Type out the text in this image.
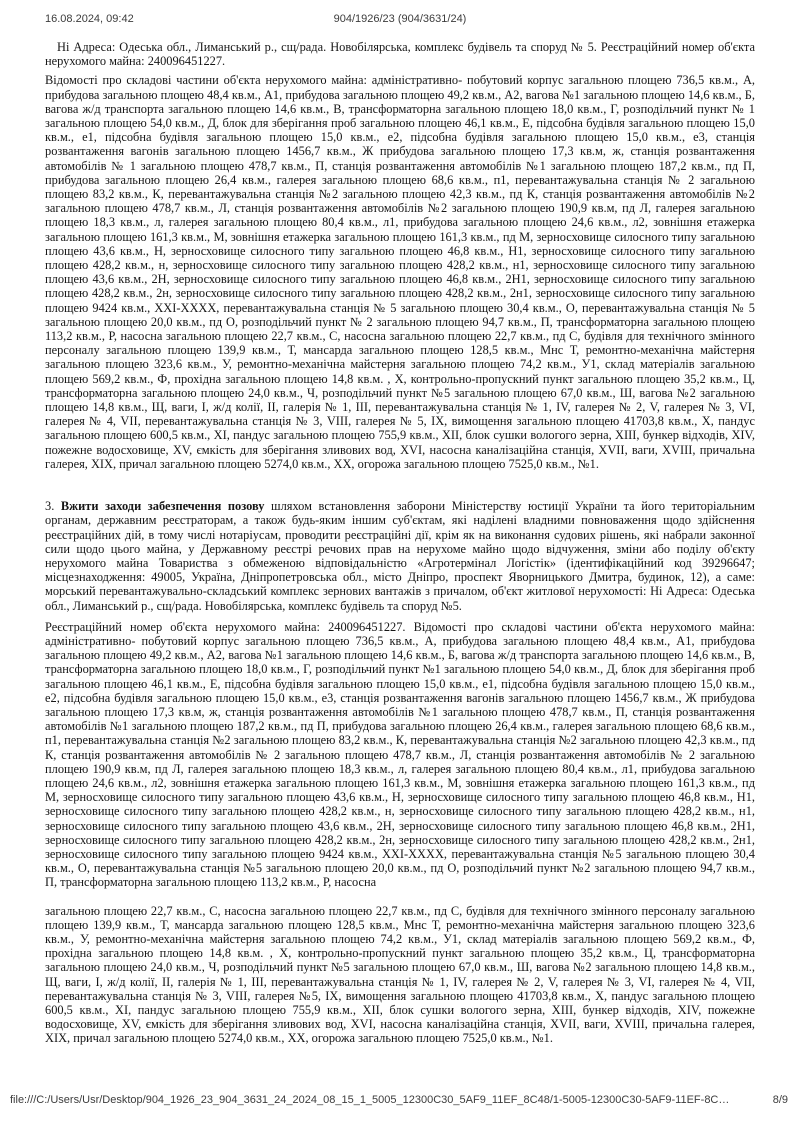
16.08.2024, 09:42	904/1926/23 (904/3631/24)

Ні Адреса: Одеська обл., Лиманський р., сщ/рада. Новобілярська, комплекс будівель та споруд № 5. Реєстраційний номер об'єкта нерухомого майна: 240096451227.

Відомості про складові частини об'єкта нерухомого майна: адміністративно- побутовий корпус загальною площею 736,5 кв.м., А, прибудова загальною площею 48,4 кв.м., А1, прибудова загальною площею 49,2 кв.м., А2, вагова №1 загальною площею 14,6 кв.м., Б, вагова ж/д транспорта загальною площею 14,6 кв.м., В, трансформаторна загальною площею 18,0 кв.м., Г, розподільчий пункт № 1 загальною площею 54,0 кв.м., Д, блок для зберігання проб загальною площею 46,1 кв.м., Е, підсобна будівля загальною площею 15,0 кв.м., е1, підсобна будівля загальною площею 15,0 кв.м., е2, підсобна будівля загальною площею 15,0 кв.м., е3, станція розвантаження вагонів загальною площею 1456,7 кв.м., Ж прибудова загальною площею 17,3 кв.м, ж, станція розвантаження автомобілів № 1 загальною площею 478,7 кв.м., П, станція розвантаження автомобілів №1 загальною площею 187,2 кв.м., пд П, прибудова загальною площею 26,4 кв.м., галерея загальною площею 68,6 кв.м., п1, перевантажувальна станція № 2 загальною площею 83,2 кв.м., К, перевантажувальна станція №2 загальною площею 42,3 кв.м., пд К, станція розвантаження автомобілів №2 загальною площею 478,7 кв.м., Л, станція розвантаження автомобілів №2 загальною площею 190,9 кв.м, пд Л, галерея загальною площею 18,3 кв.м., л, галерея загальною площею 80,4 кв.м., л1, прибудова загальною площею 24,6 кв.м., л2, зовнішня етажерка загальною площею 161,3 кв.м., М, зовнішня етажерка загальною площею 161,3 кв.м., пд М, зерносховище силосного типу загальною площею 43,6 кв.м., Н, зерносховище силосного типу загальною площею 46,8 кв.м., Н1, зерносховище силосного типу загальною площею 428,2 кв.м., н, зерносховище силосного типу загальною площею 428,2 кв.м., н1, зерносховище силосного типу загальною площею 43,6 кв.м., 2Н, зерносховище силосного типу загальною площею 46,8 кв.м., 2Н1, зерносховище силосного типу загальною площею 428,2 кв.м., 2н, зерносховище силосного типу загальною площею 428,2 кв.м., 2н1, зерносховище силосного типу загальною площею 9424 кв.м., XXI-XXXX, перевантажувальна станція № 5 загальною площею 30,4 кв.м., О, перевантажувальна станція № 5 загальною площею 20,0 кв.м., пд О, розподільчий пункт № 2 загальною площею 94,7 кв.м., П, трансформаторна загальною площею 113,2 кв.м., Р, насосна загальною площею 22,7 кв.м., С, насосна загальною площею 22,7 кв.м., пд С, будівля для технічного змінного персоналу загальною площею 139,9 кв.м., Т, мансарда загальною площею 128,5 кв.м., Мнс Т, ремонтно-механічна майстерня загальною площею 323,6 кв.м., У, ремонтно-механічна майстерня загальною площею 74,2 кв.м., У1, склад матеріалів загальною площею 569,2 кв.м., Ф, прохідна загальною площею 14,8 кв.м. , Х, контрольно-пропускний пункт загальною площею 35,2 кв.м., Ц, трансформаторна загальною площею 24,0 кв.м., Ч, розподільчий пункт №5 загальною площею 67,0 кв.м., Ш, вагова №2 загальною площею 14,8 кв.м., Щ, ваги, І, ж/д колії, ІІ, галерія № 1, ІІІ, перевантажувальна станція № 1, IV, галерея № 2, V, галерея № 3, VI, галерея № 4, VII, перевантажувальна станція № 3, VIII, галерея № 5, IX, вимощення загальною площею 41703,8 кв.м., X, пандус загальною площею 600,5 кв.м., XI, пандус загальною площею 755,9 кв.м., XII, блок сушки вологого зерна, XIII, бункер відходів, XIV, пожежне водосховище, XV, ємкість для зберігання зливових вод, XVI, насосна каналізаційна станція, XVII, ваги, XVIII, причальна галерея, XIX, причал загальною площею 5274,0 кв.м., XX, огорожа загальною площею 7525,0 кв.м., №1.

3. Вжити заходи забезпечення позову шляхом встановлення заборони Міністерству юстиції України та його територіальним органам, державним реєстраторам, а також будь-яким іншим суб'єктам, які наділені владними повноваження щодо здійснення реєстраційних дій, в тому числі нотаріусам, проводити реєстраційні дії, крім як на виконання судових рішень, які набрали законної сили щодо цього майна, у Державному реєстрі речових прав на нерухоме майно щодо відчуження, зміни або поділу об'єкту нерухомого майна Товариства з обмеженою відповідальністю «Агротермінал Логістік» (ідентифікаційний код 39296647; місцезнаходження: 49005, Україна, Дніпропетровська обл., місто Дніпро, проспект Яворницького Дмитра, будинок, 12), а саме: морський перевантажувально-складський комплекс зернових вантажів з причалом, об'єкт житлової нерухомості: Ні Адреса: Одеська обл., Лиманський р., сщ/рада. Новобілярська, комплекс будівель та споруд №5.

Реєстраційний номер об'єкта нерухомого майна: 240096451227. Відомості про складові частини об'єкта нерухомого майна: адміністративно- побутовий корпус загальною площею 736,5 кв.м., А, прибудова загальною площею 48,4 кв.м., А1, прибудова загальною площею 49,2 кв.м., А2, вагова №1 загальною площею 14,6 кв.м., Б, вагова ж/д транспорта загальною площею 14,6 кв.м., В, трансформаторна загальною площею 18,0 кв.м., Г, розподільчий пункт №1 загальною площею 54,0 кв.м., Д, блок для зберігання проб загальною площею 46,1 кв.м., Е, підсобна будівля загальною площею 15,0 кв.м., е1, підсобна будівля загальною площею 15,0 кв.м., е2, підсобна будівля загальною площею 15,0 кв.м., е3, станція розвантаження вагонів загальною площею 1456,7 кв.м., Ж прибудова загальною площею 17,3 кв.м, ж, станція розвантаження автомобілів №1 загальною площею 478,7 кв.м., П, станція розвантаження автомобілів №1 загальною площею 187,2 кв.м., пд П, прибудова загальною площею 26,4 кв.м., галерея загальною площею 68,6 кв.м., п1, перевантажувальна станція №2 загальною площею 83,2 кв.м., К, перевантажувальна станція №2 загальною площею 42,3 кв.м., пд К, станція розвантаження автомобілів № 2 загальною площею 478,7 кв.м., Л, станція розвантаження автомобілів № 2 загальною площею 190,9 кв.м, пд Л, галерея загальною площею 18,3 кв.м., л, галерея загальною площею 80,4 кв.м., л1, прибудова загальною площею 24,6 кв.м., л2, зовнішня етажерка загальною площею 161,3 кв.м., М, зовнішня етажерка загальною площею 161,3 кв.м., пд М, зерносховище силосного типу загальною площею 43,6 кв.м., Н, зерносховище силосного типу загальною площею 46,8 кв.м., Н1, зерносховище силосного типу загальною площею 428,2 кв.м., н, зерносховище силосного типу загальною площею 428,2 кв.м., н1, зерносховище силосного типу загальною площею 43,6 кв.м., 2Н, зерносховище силосного типу загальною площею 46,8 кв.м., 2Н1, зерносховище силосного типу загальною площею 428,2 кв.м., 2н, зерносховище силосного типу загальною площею 428,2 кв.м., 2н1, зерносховище силосного типу загальною площею 9424 кв.м., XXI-XXXX, перевантажувальна станція №5 загальною площею 30,4 кв.м., О, перевантажувальна станція №5 загальною площею 20,0 кв.м., пд О, розподільчий пункт №2 загальною площею 94,7 кв.м., П, трансформаторна загальною площею 113,2 кв.м., Р, насосна

загальною площею 22,7 кв.м., С, насосна загальною площею 22,7 кв.м., пд С, будівля для технічного змінного персоналу загальною площею 139,9 кв.м., Т, мансарда загальною площею 128,5 кв.м., Мнс Т, ремонтно-механічна майстерня загальною площею 323,6 кв.м., У, ремонтно-механічна майстерня загальною площею 74,2 кв.м., У1, склад матеріалів загальною площею 569,2 кв.м., Ф, прохідна загальною площею 14,8 кв.м. , Х, контрольно-пропускний пункт загальною площею 35,2 кв.м., Ц, трансформаторна загальною площею 24,0 кв.м., Ч, розподільчий пункт №5 загальною площею 67,0 кв.м., Ш, вагова №2 загальною площею 14,8 кв.м., Щ, ваги, І, ж/д колії, ІІ, галерія № 1, ІІІ, перевантажувальна станція № 1, IV, галерея № 2, V, галерея № 3, VI, галерея № 4, VII, перевантажувальна станція № 3, VIII, галерея №5, IX, вимощення загальною площею 41703,8 кв.м., X, пандус загальною площею 600,5 кв.м., XI, пандус загальною площею 755,9 кв.м., XII, блок сушки вологого зерна, XIII, бункер відходів, XIV, пожежне водосховище, XV, ємкість для зберігання зливових вод, XVI, насосна каналізаційна станція, XVII, ваги, XVIII, причальна галерея, XIX, причал загальною площею 5274,0 кв.м., XX, огорожа загальною площею 7525,0 кв.м., №1.

file:///C:/Users/Usr/Desktop/904_1926_23_904_3631_24_2024_08_15_1_5005_12300C30_5AF9_11EF_8C48/1-5005-12300C30-5AF9-11EF-8C…	8/9
